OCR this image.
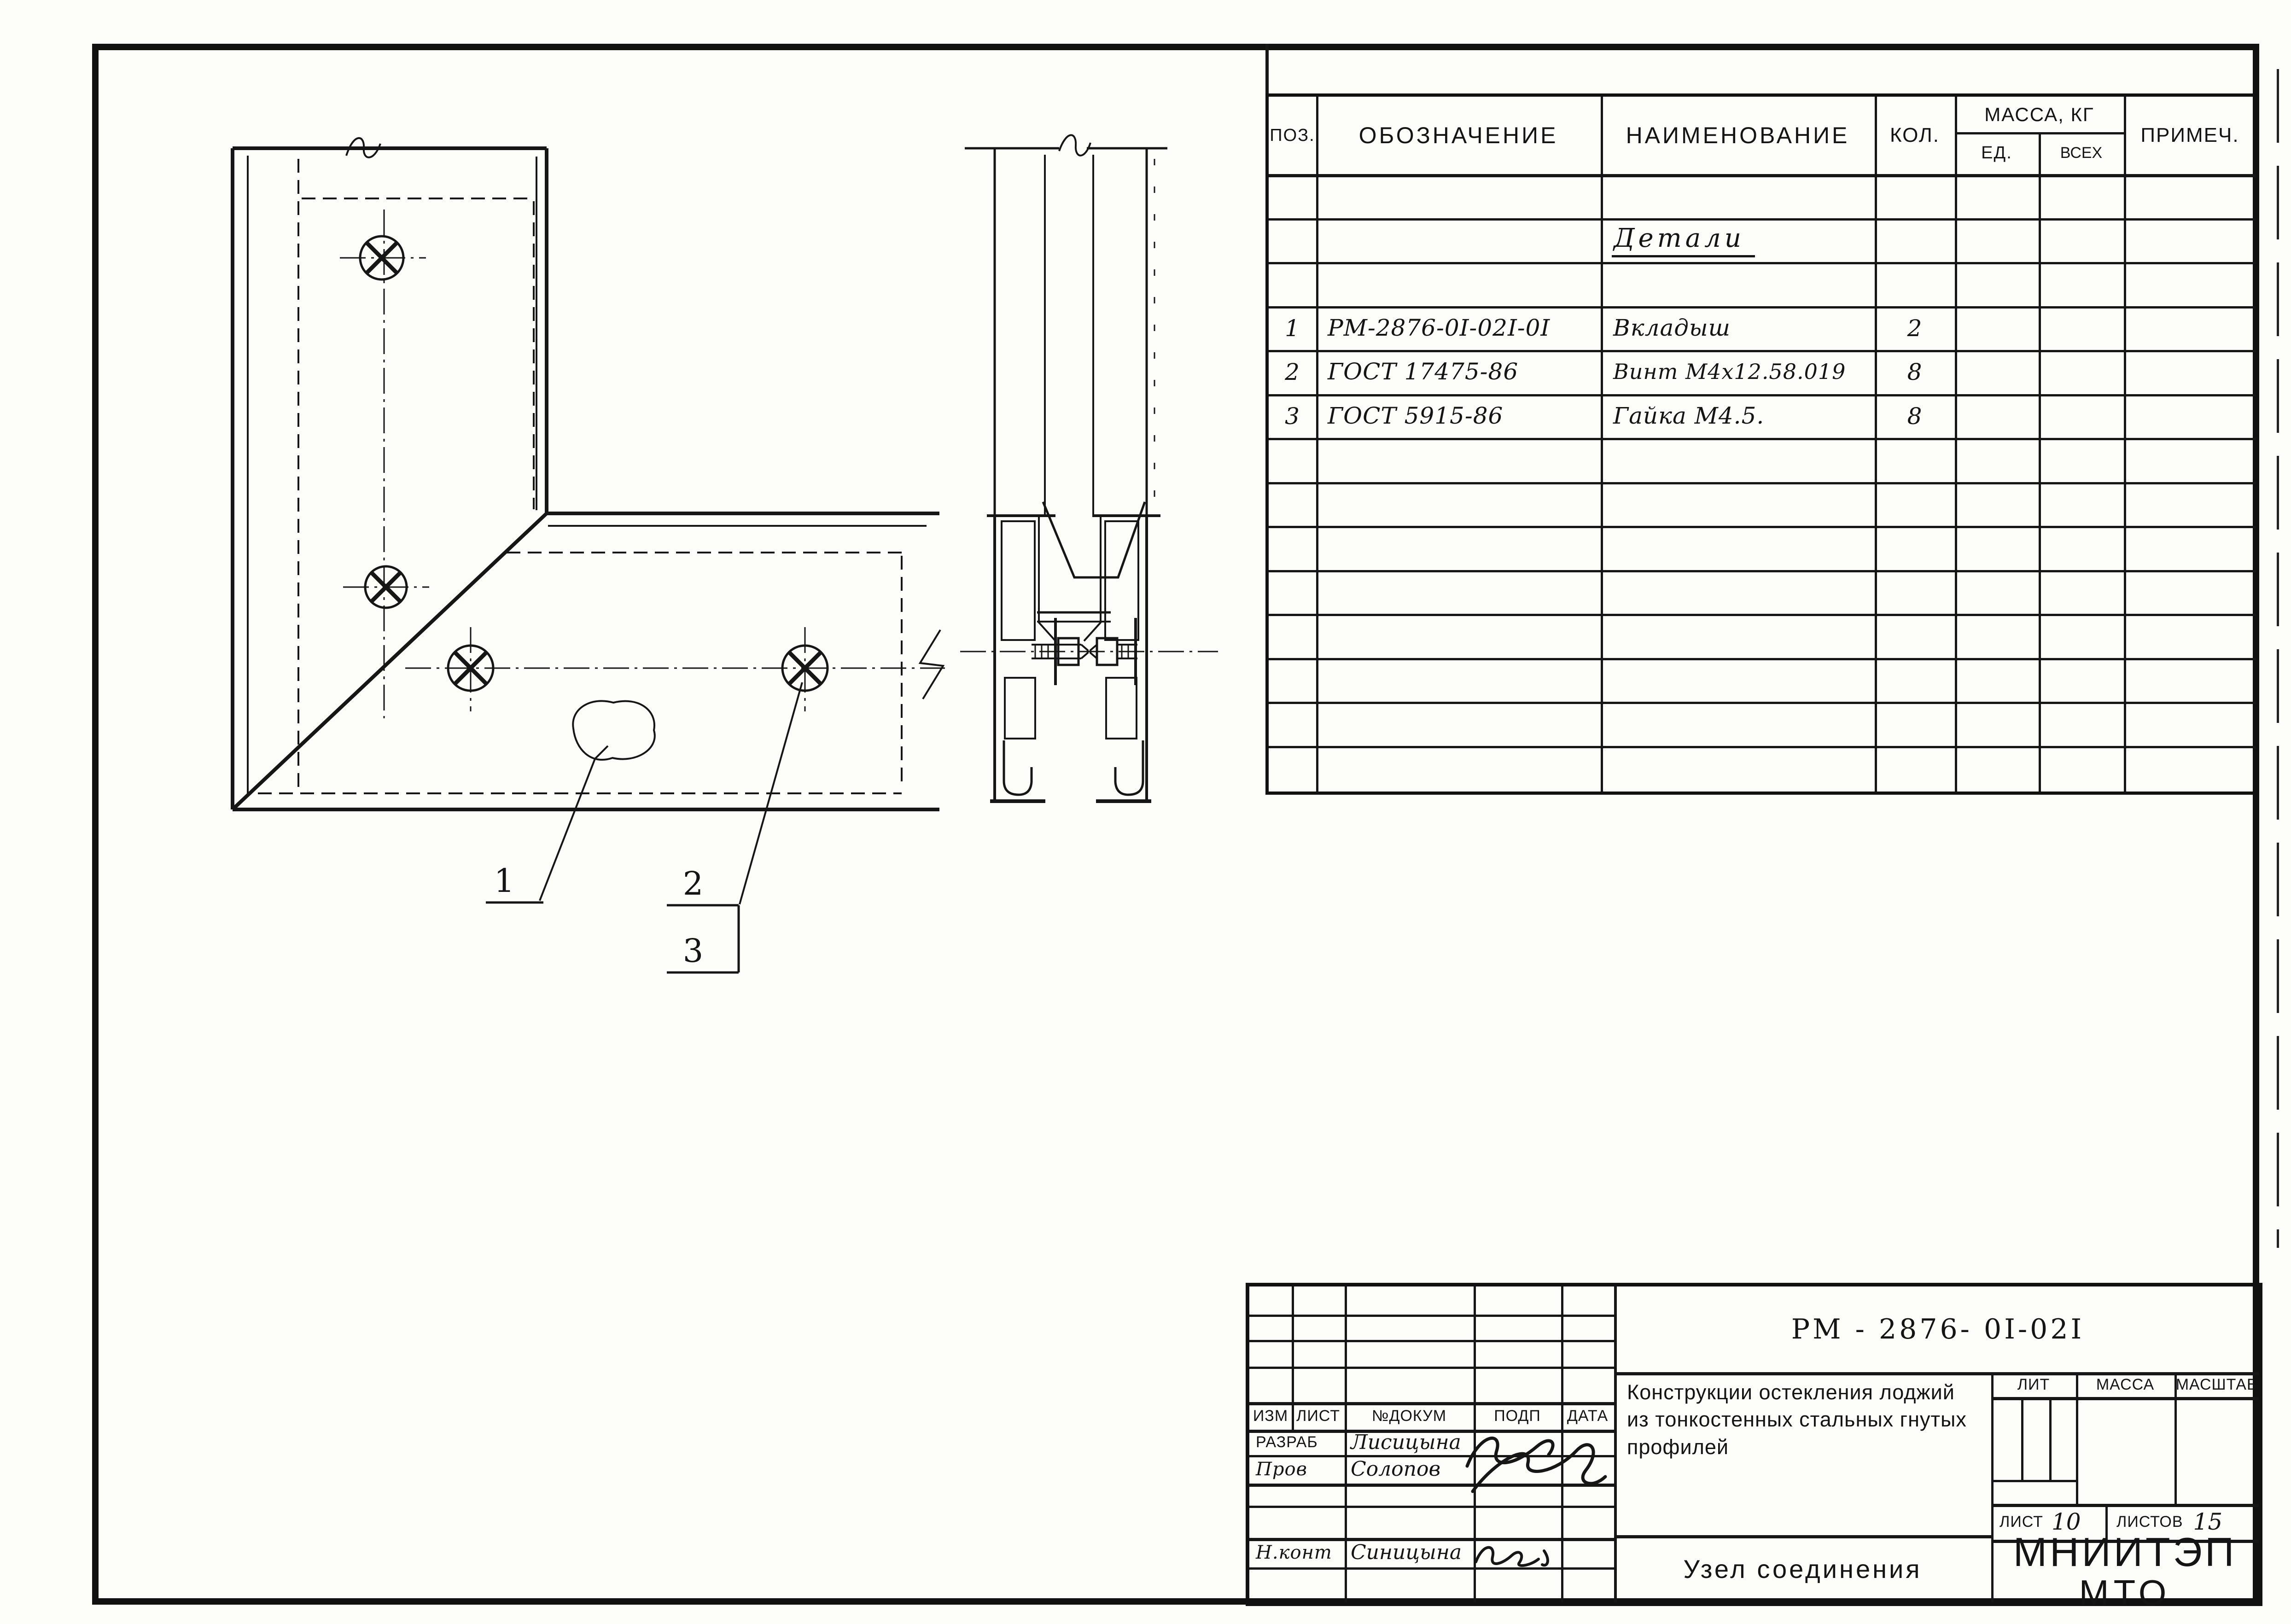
1	2
3
ПОЗ.	ОБОЗНАЧЕНИЕ	НАИМЕНОВАНИЕ	КОЛ.
МАССА, КГ
ЕД.	ВСЕХ
ПРИМЕЧ.
Детали
1	РМ-2876-0I-02I-0I	Вкладыш	2
2	ГОСТ 17475-86	Винт М4х12.58.019	8
3	ГОСТ 5915-86	Гайка М4.5.	8
ИЗМ ЛИСТ	№ДОКУМ	ПОДП	ДАТА
РАЗРАБ	Лисицына
Пров	Солопов
Н.конт Синицына
РМ - 2876- 0I-02I
Конструкции остекления лоджий из тонкостенных стальных гнутых профилей
Узел соединения
ЛИТ	МАССА	МАСШТАБ
ЛИСТ 10 ЛИСТОВ 15
МНИИТЭП
МТО
